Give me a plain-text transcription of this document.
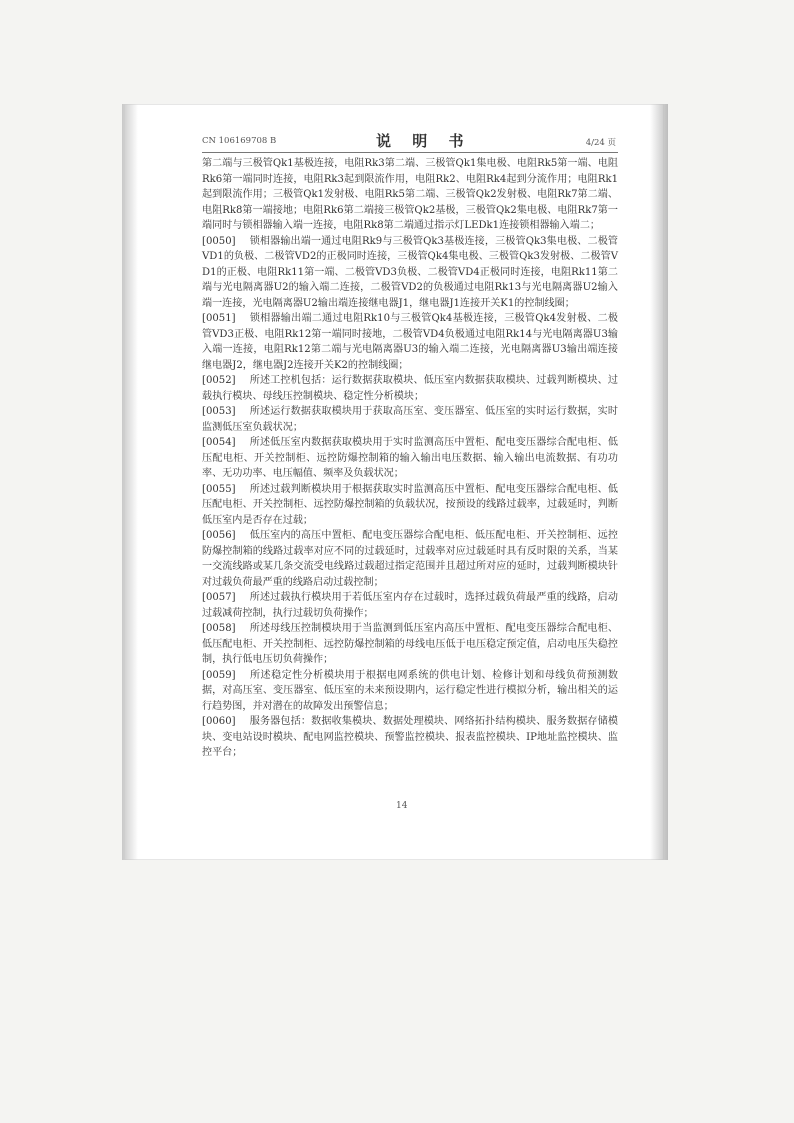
CN 106169708 B	说 明 书	4/24 页

第二端与三极管Qk1基极连接，电阻Rk3第二端、三极管Qk1集电极、电阻Rk5第一端、电阻Rk6第一端同时连接，电阻Rk3起到限流作用，电阻Rk2、电阻Rk4起到分流作用；电阻Rk1起到限流作用；三极管Qk1发射极、电阻Rk5第二端、三极管Qk2发射极、电阻Rk7第二端、电阻Rk8第一端接地；电阻Rk6第二端接三极管Qk2基极，三极管Qk2集电极、电阻Rk7第一端同时与锁相器输入端一连接，电阻Rk8第二端通过指示灯LEDk1连接锁相器输入端二；

[0050] 锁相器输出端一通过电阻Rk9与三极管Qk3基极连接，三极管Qk3集电极、二极管VD1的负极、二极管VD2的正极同时连接，三极管Qk4集电极、三极管Qk3发射极、二极管VD1的正极、电阻Rk11第一端、二极管VD3负极、二极管VD4正极同时连接，电阻Rk11第二端与光电隔离器U2的输入端二连接，二极管VD2的负极通过电阻Rk13与光电隔离器U2输入端一连接，光电隔离器U2输出端连接继电器J1，继电器J1连接开关K1的控制线圈；

[0051] 锁相器输出端二通过电阻Rk10与三极管Qk4基极连接，三极管Qk4发射极、二极管VD3正极、电阻Rk12第一端同时接地，二极管VD4负极通过电阻Rk14与光电隔离器U3输入端一连接，电阻Rk12第二端与光电隔离器U3的输入端二连接，光电隔离器U3输出端连接继电器J2，继电器J2连接开关K2的控制线圈；

[0052] 所述工控机包括：运行数据获取模块、低压室内数据获取模块、过载判断模块、过载执行模块、母线压控制模块、稳定性分析模块；

[0053] 所述运行数据获取模块用于获取高压室、变压器室、低压室的实时运行数据，实时监测低压室负载状况；

[0054] 所述低压室内数据获取模块用于实时监测高压中置柜、配电变压器综合配电柜、低压配电柜、开关控制柜、远控防爆控制箱的输入输出电压数据、输入输出电流数据、有功功率、无功功率、电压幅值、频率及负载状况；

[0055] 所述过载判断模块用于根据获取实时监测高压中置柜、配电变压器综合配电柜、低压配电柜、开关控制柜、远控防爆控制箱的负载状况，按预设的线路过载率，过载延时，判断低压室内是否存在过载；

[0056] 低压室内的高压中置柜、配电变压器综合配电柜、低压配电柜、开关控制柜、远控防爆控制箱的线路过载率对应不同的过载延时，过载率对应过载延时具有反时限的关系，当某一交流线路或某几条交流受电线路过载超过指定范围并且超过所对应的延时，过载判断模块针对过载负荷最严重的线路启动过载控制；

[0057] 所述过载执行模块用于若低压室内存在过载时，选择过载负荷最严重的线路，启动过载减荷控制，执行过载切负荷操作；

[0058] 所述母线压控制模块用于当监测到低压室内高压中置柜、配电变压器综合配电柜、低压配电柜、开关控制柜、远控防爆控制箱的母线电压低于电压稳定预定值，启动电压失稳控制，执行低电压切负荷操作；

[0059] 所述稳定性分析模块用于根据电网系统的供电计划、检修计划和母线负荷预测数据，对高压室、变压器室、低压室的未来预设期内，运行稳定性进行模拟分析，输出相关的运行趋势图，并对潜在的故障发出预警信息；

[0060] 服务器包括：数据收集模块、数据处理模块、网络拓扑结构模块、服务数据存储模块、变电站设时模块、配电网监控模块、预警监控模块、报表监控模块、IP地址监控模块、监控平台；

14
